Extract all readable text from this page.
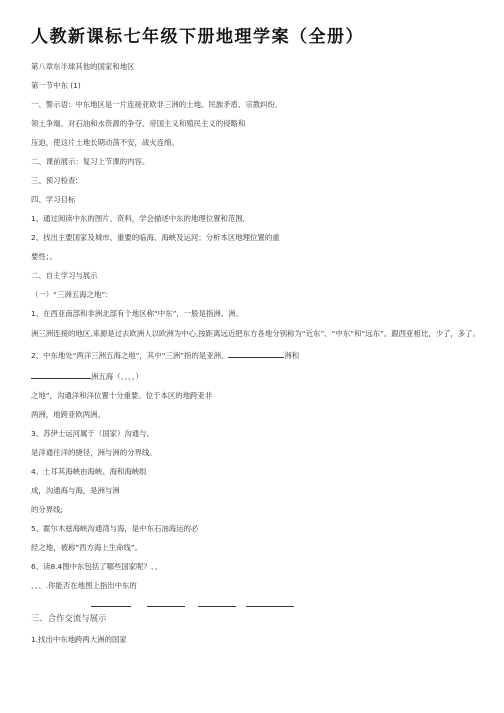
人教新课标七年级下册地理学案（全册）
第八章东半球其他的国家和地区
第一节中东 (1)
一、警示语：中东地区是一片连接亚欧非三洲的土地。民族矛盾、宗教纠纷、
领土争端、对石油和水资源的争夺、帝国主义和殖民主义的侵略和
压迫，使这片土地长期动荡不安，战火连绵。
二、课前展示：复习上节课的内容。
三、预习检查:
四、学习目标
1、通过阅读中东的图片、资料，学会描述中东的地理位置和范围,
2、找出主要国家及城市、重要的临海、海峡及运河；分析本区地理位置的重
要性；。
二、自主学习与展示
（一）“三洲五海之地”:
1、在西亚南部和非洲北部有个地区称“中东”，一般是指洲、洲、
洲三洲连接的地区,来源是过去欧洲人以欧洲为中心,按距离远近把东方各地分别称为“近东”、“中东”和“远东”。跟西亚相比，少了，多了。
2、中东地处“两洋三洲五海之地”，其中“三洲”指的是亚洲、	洲和
洲五海（、、、、）
之地”，沟通洋和洋位置十分重要。位于本区的地跨亚非
两洲，地跨亚欧两洲。
3、苏伊士运河属于（国家）沟通与,
是洋通往洋的捷径，洲与洲的分界线。
4、土耳其海峡由海峡、海和海峡组
成，沟通海与海，是洲与洲
的分界线;
5、霍尔木兹海峡沟通湾与海，是中东石油海运的必
经之地，被称“西方海上生命线”。
6、读8.4图中东包括了哪些国家呢？、、
、、、.你能否在地图上指出中东的
三、合作交流与展示
1.找出中东地跨两大洲的国家
